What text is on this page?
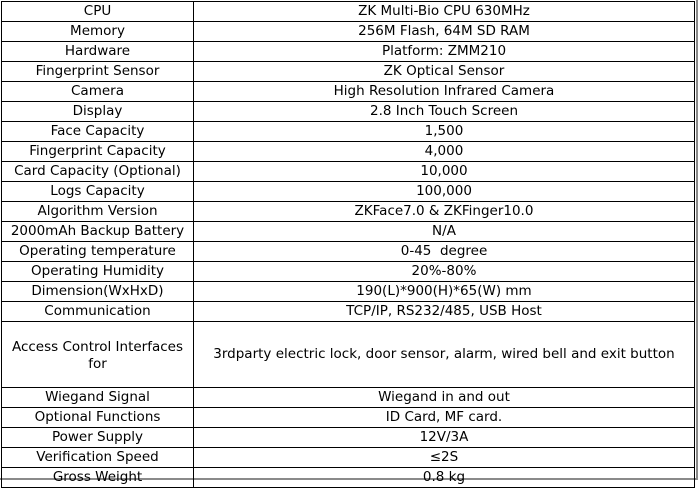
CPU	ZK Multi-Bio CPU 630MHz
Memory	256M Flash, 64M SD RAM
Hardware	Platform: ZMM210
Fingerprint Sensor	ZK Optical Sensor
Camera	High Resolution Infrared Camera
Display	2.8 Inch Touch Screen
Face Capacity	1,500
Fingerprint Capacity	4,000
Card Capacity (Optional)	10,000
Logs Capacity	100,000
Algorithm Version	ZKFace7.0 & ZKFinger10.0
2000mAh Backup Battery	N/A
Operating temperature	0-45  degree
Operating Humidity	20%-80%
Dimension(WxHxD)	190(L)*900(H)*65(W) mm
Communication	TCP/IP, RS232/485, USB Host
Access Control Interfaces for	3rdparty electric lock, door sensor, alarm, wired bell and exit button
Wiegand Signal	Wiegand in and out
Optional Functions	ID Card, MF card.
Power Supply	12V/3A
Verification Speed	≤2S
Gross Weight	0.8 kg
